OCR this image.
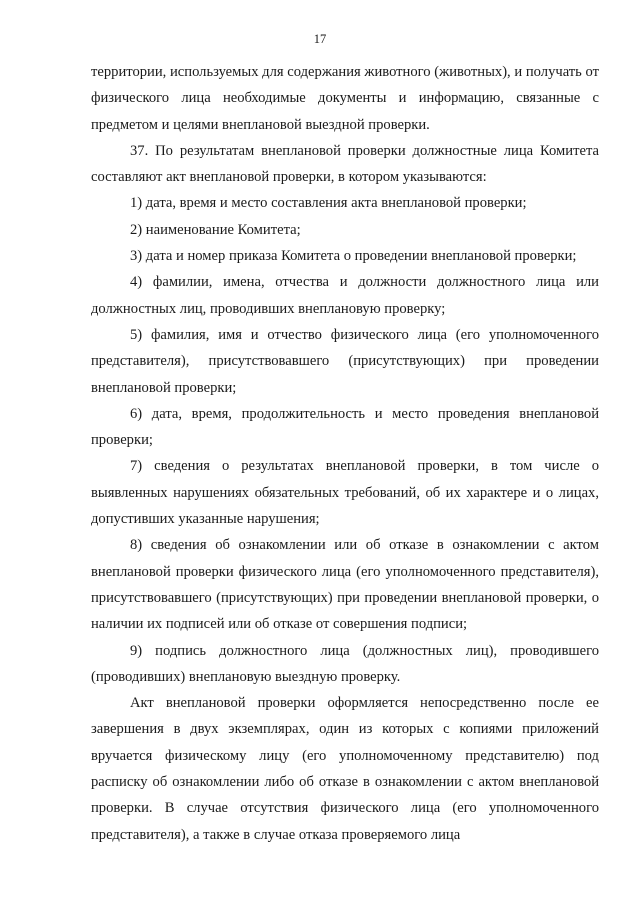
17

территории, используемых для содержания животного (животных), и получать от физического лица необходимые документы и информацию, связанные с предметом и целями внеплановой выездной проверки.

37. По результатам внеплановой проверки должностные лица Комитета составляют акт внеплановой проверки, в котором указываются:

1) дата, время и место составления акта внеплановой проверки;

2) наименование Комитета;

3) дата и номер приказа Комитета о проведении внеплановой проверки;

4) фамилии, имена, отчества и должности должностного лица или должностных лиц, проводивших внеплановую проверку;

5) фамилия, имя и отчество физического лица (его уполномоченного представителя), присутствовавшего (присутствующих) при проведении внеплановой проверки;

6) дата, время, продолжительность и место проведения внеплановой проверки;

7) сведения о результатах внеплановой проверки, в том числе о выявленных нарушениях обязательных требований, об их характере и о лицах, допустивших указанные нарушения;

8) сведения об ознакомлении или об отказе в ознакомлении с актом внеплановой проверки физического лица (его уполномоченного представителя), присутствовавшего (присутствующих) при проведении внеплановой проверки, о наличии их подписей или об отказе от совершения подписи;

9) подпись должностного лица (должностных лиц), проводившего (проводивших) внеплановую выездную проверку.

Акт внеплановой проверки оформляется непосредственно после ее завершения в двух экземплярах, один из которых с копиями приложений вручается физическому лицу (его уполномоченному представителю) под расписку об ознакомлении либо об отказе в ознакомлении с актом внеплановой проверки. В случае отсутствия физического лица (его уполномоченного представителя), а также в случае отказа проверяемого лица
